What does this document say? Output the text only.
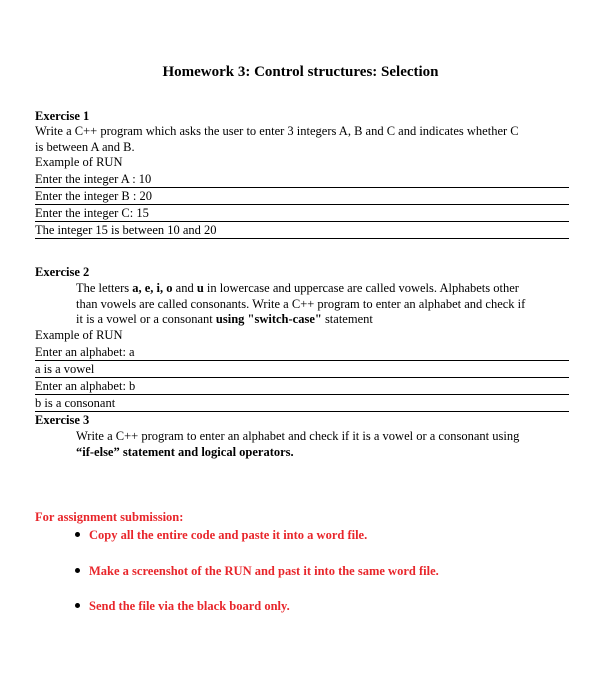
Homework 3: Control structures: Selection
Exercise 1
Write a C++ program which asks the user to enter 3 integers A, B and C and indicates whether C
is between A and B.
Example of RUN
Enter the integer A : 10
Enter the integer B : 20
Enter the integer C: 15
The integer 15 is between 10 and 20
Exercise 2
The letters a, e, i, o and u in lowercase and uppercase are called vowels. Alphabets other
than vowels are called consonants. Write a C++ program to enter an alphabet and check if
it is a vowel or a consonant using "switch-case" statement
Example of RUN
Enter an alphabet: a
a is a vowel
Enter an alphabet: b
b is a consonant
Exercise 3
Write a C++ program to enter an alphabet and check if it is a vowel or a consonant using
“if-else” statement and logical operators.
For assignment submission:
Copy all the entire code and paste it into a word file.
Make a screenshot of the RUN and past it into the same word file.
Send the file via the black board only.
